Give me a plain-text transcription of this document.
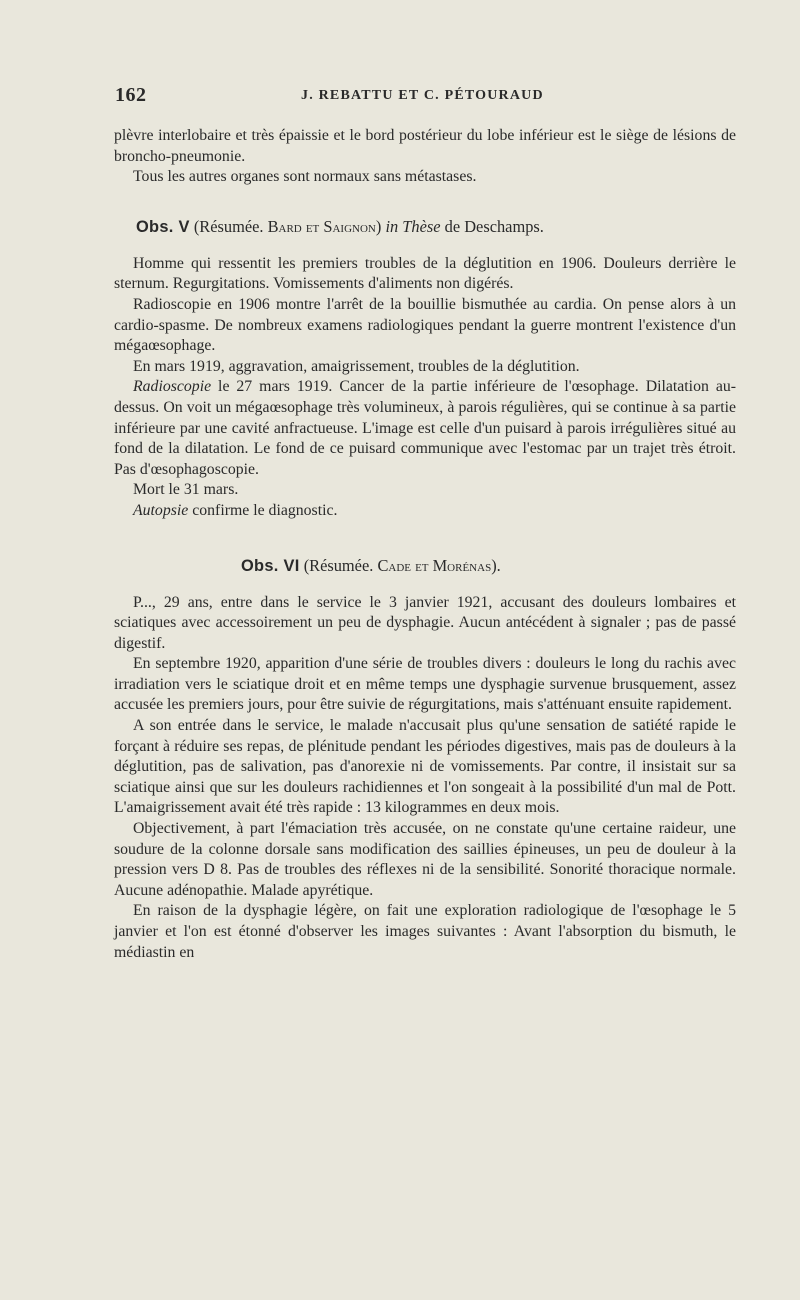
162	J. REBATTU ET C. PÉTOURAUD

plèvre interlobaire et très épaissie et le bord postérieur du lobe inférieur est le siège de lésions de broncho-pneumonie.

Tous les autres organes sont normaux sans métastases.

Obs. V (Résumée. Bard et Saignon) in Thèse de Deschamps.

Homme qui ressentit les premiers troubles de la déglutition en 1906. Douleurs derrière le sternum. Regurgitations. Vomissements d'aliments non digérés.

Radioscopie en 1906 montre l'arrêt de la bouillie bismuthée au cardia. On pense alors à un cardio-spasme. De nombreux examens radiologiques pendant la guerre montrent l'existence d'un mégaœsophage.

En mars 1919, aggravation, amaigrissement, troubles de la déglutition.

Radioscopie le 27 mars 1919. Cancer de la partie inférieure de l'œsophage. Dilatation au-dessus. On voit un mégaœsophage très volumineux, à parois régulières, qui se continue à sa partie inférieure par une cavité anfractueuse. L'image est celle d'un puisard à parois irrégulières situé au fond de la dilatation. Le fond de ce puisard communique avec l'estomac par un trajet très étroit. Pas d'œsophagoscopie.

Mort le 31 mars.

Autopsie confirme le diagnostic.

Obs. VI (Résumée. Cade et Morénas).

P..., 29 ans, entre dans le service le 3 janvier 1921, accusant des douleurs lombaires et sciatiques avec accessoirement un peu de dysphagie. Aucun antécédent à signaler ; pas de passé digestif.

En septembre 1920, apparition d'une série de troubles divers : douleurs le long du rachis avec irradiation vers le sciatique droit et en même temps une dysphagie survenue brusquement, assez accusée les premiers jours, pour être suivie de régurgitations, mais s'atténuant ensuite rapidement.

A son entrée dans le service, le malade n'accusait plus qu'une sensation de satiété rapide le forçant à réduire ses repas, de plénitude pendant les périodes digestives, mais pas de douleurs à la déglutition, pas de salivation, pas d'anorexie ni de vomissements. Par contre, il insistait sur sa sciatique ainsi que sur les douleurs rachidiennes et l'on songeait à la possibilité d'un mal de Pott. L'amaigrissement avait été très rapide : 13 kilogrammes en deux mois.

Objectivement, à part l'émaciation très accusée, on ne constate qu'une certaine raideur, une soudure de la colonne dorsale sans modification des saillies épineuses, un peu de douleur à la pression vers D 8. Pas de troubles des réflexes ni de la sensibilité. Sonorité thoracique normale. Aucune adénopathie. Malade apyrétique.

En raison de la dysphagie légère, on fait une exploration radiologique de l'œsophage le 5 janvier et l'on est étonné d'observer les images suivantes : Avant l'absorption du bismuth, le médiastin en
